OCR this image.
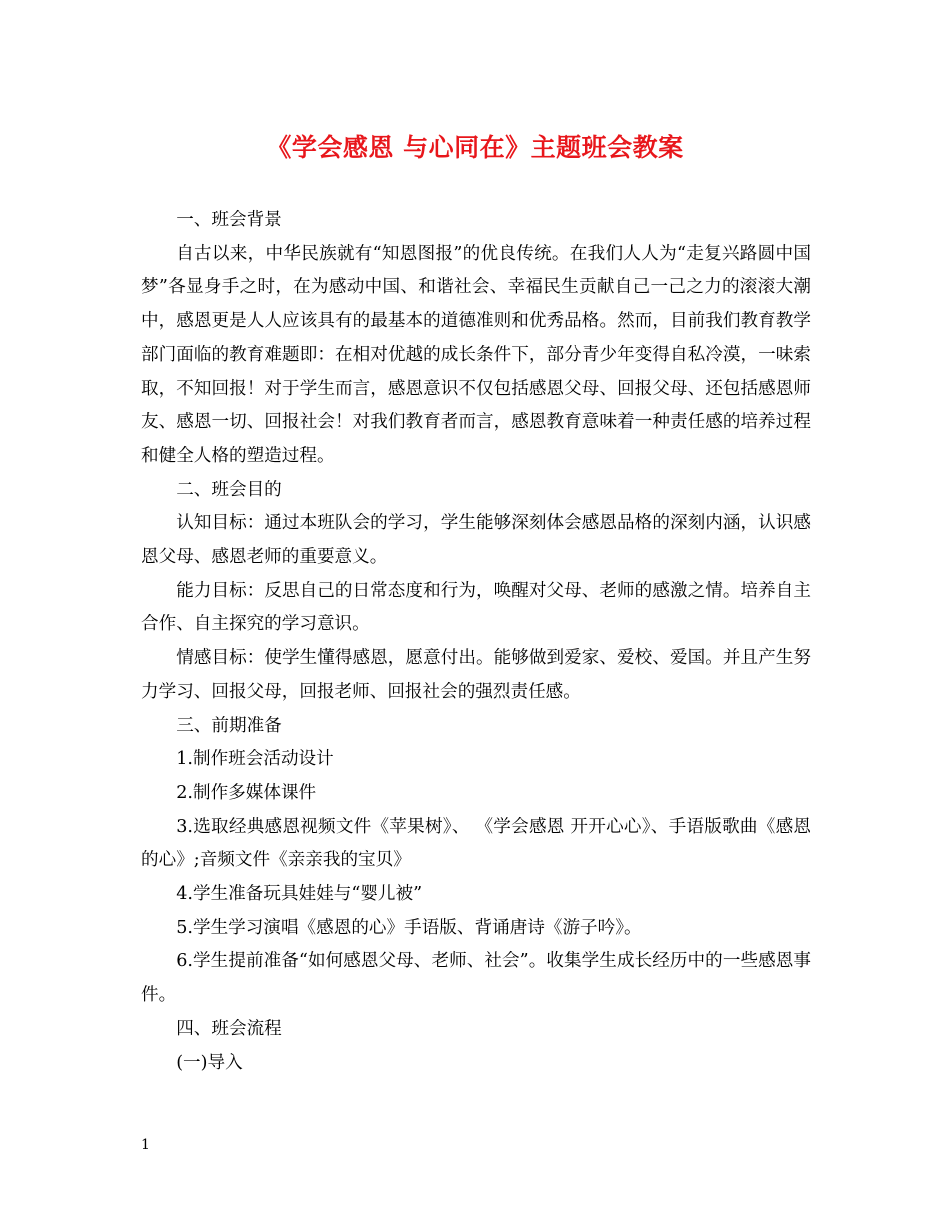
《学会感恩 与心同在》主题班会教案

一、班会背景

自古以来，中华民族就有“知恩图报”的优良传统。在我们人人为“走复兴路圆中国梦”各显身手之时，在为感动中国、和谐社会、幸福民生贡献自己一己之力的滚滚大潮中，感恩更是人人应该具有的最基本的道德准则和优秀品格。然而，目前我们教育教学部门面临的教育难题即：在相对优越的成长条件下，部分青少年变得自私冷漠，一味索取，不知回报！对于学生而言，感恩意识不仅包括感恩父母、回报父母、还包括感恩师友、感恩一切、回报社会！对我们教育者而言，感恩教育意味着一种责任感的培养过程和健全人格的塑造过程。

二、班会目的

认知目标：通过本班队会的学习，学生能够深刻体会感恩品格的深刻内涵，认识感恩父母、感恩老师的重要意义。

能力目标：反思自己的日常态度和行为，唤醒对父母、老师的感激之情。培养自主合作、自主探究的学习意识。

情感目标：使学生懂得感恩，愿意付出。能够做到爱家、爱校、爱国。并且产生努力学习、回报父母，回报老师、回报社会的强烈责任感。

三、前期准备

1.制作班会活动设计

2.制作多媒体课件

3.选取经典感恩视频文件《苹果树》、 《学会感恩 开开心心》、手语版歌曲《感恩的心》;音频文件《亲亲我的宝贝》

4.学生准备玩具娃娃与“婴儿被”

5.学生学习演唱《感恩的心》手语版、背诵唐诗《游子吟》。

6.学生提前准备“如何感恩父母、老师、社会”。收集学生成长经历中的一些感恩事件。

四、班会流程

(一)导入

1
